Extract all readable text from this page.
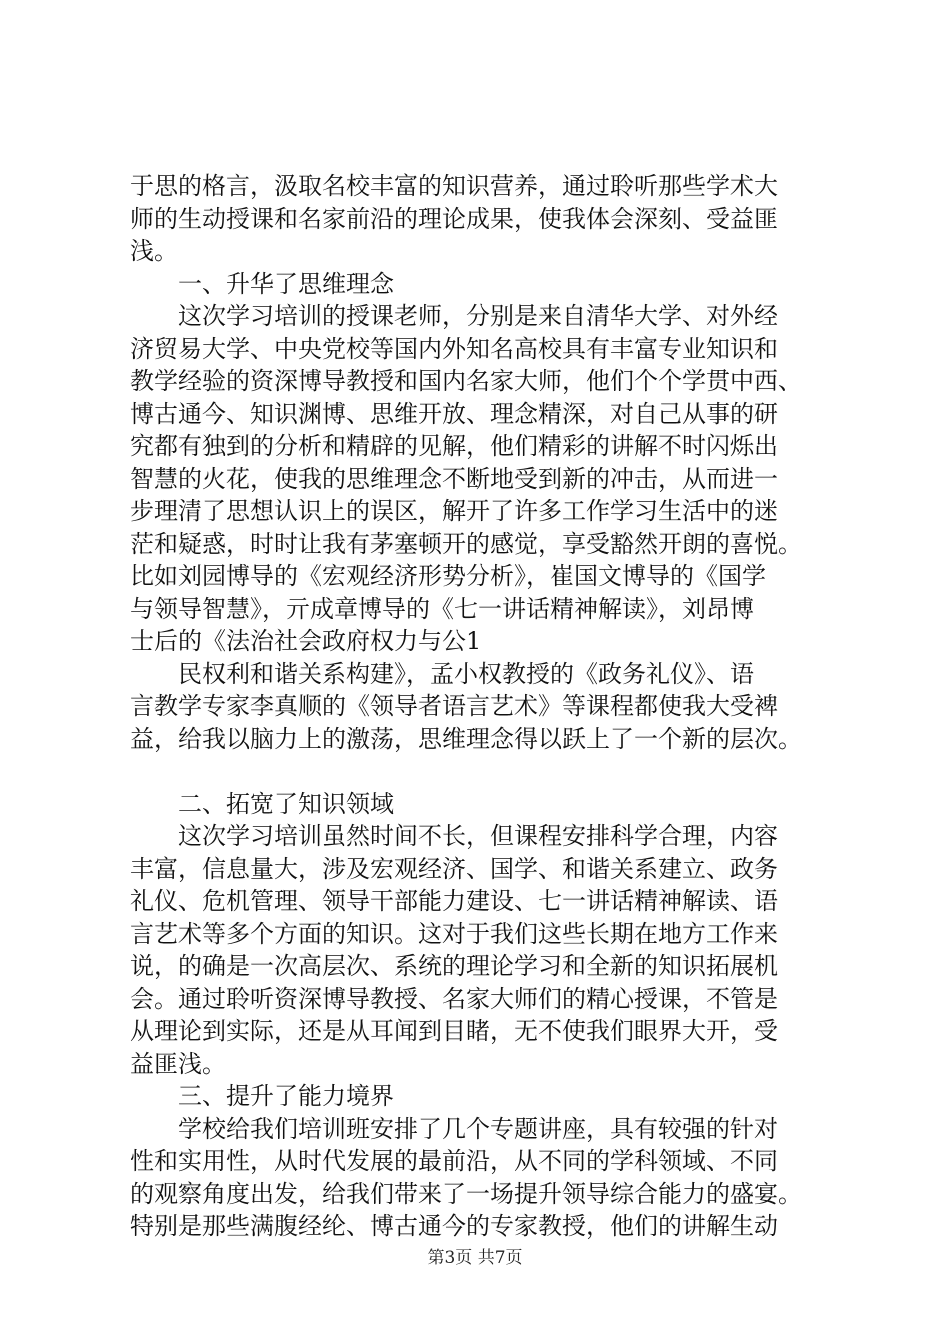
于思的格言，汲取名校丰富的知识营养，通过聆听那些学术大
师的生动授课和名家前沿的理论成果，使我体会深刻、受益匪
浅。
　　一、升华了思维理念
　　这次学习培训的授课老师，分别是来自清华大学、对外经
济贸易大学、中央党校等国内外知名高校具有丰富专业知识和
教学经验的资深博导教授和国内名家大师，他们个个学贯中西、
博古通今、知识渊博、思维开放、理念精深，对自己从事的研
究都有独到的分析和精辟的见解，他们精彩的讲解不时闪烁出
智慧的火花，使我的思维理念不断地受到新的冲击，从而进一
步理清了思想认识上的误区，解开了许多工作学习生活中的迷
茫和疑惑，时时让我有茅塞顿开的感觉，享受豁然开朗的喜悦。
比如刘园博导的《宏观经济形势分析》，崔国文博导的《国学
与领导智慧》，亓成章博导的《七一讲话精神解读》，刘昂博
士后的《法治社会政府权力与公1
　　民权利和谐关系构建》，孟小权教授的《政务礼仪》、语
言教学专家李真顺的《领导者语言艺术》等课程都使我大受裨
益，给我以脑力上的激荡，思维理念得以跃上了一个新的层次。
　　二、拓宽了知识领域
　　这次学习培训虽然时间不长，但课程安排科学合理，内容
丰富，信息量大，涉及宏观经济、国学、和谐关系建立、政务
礼仪、危机管理、领导干部能力建设、七一讲话精神解读、语
言艺术等多个方面的知识。这对于我们这些长期在地方工作来
说，的确是一次高层次、系统的理论学习和全新的知识拓展机
会。通过聆听资深博导教授、名家大师们的精心授课，不管是
从理论到实际，还是从耳闻到目睹，无不使我们眼界大开，受
益匪浅。
　　三、提升了能力境界
　　学校给我们培训班安排了几个专题讲座，具有较强的针对
性和实用性，从时代发展的最前沿，从不同的学科领域、不同
的观察角度出发，给我们带来了一场提升领导综合能力的盛宴。
特别是那些满腹经纶、博古通今的专家教授，他们的讲解生动
第3页 共7页
